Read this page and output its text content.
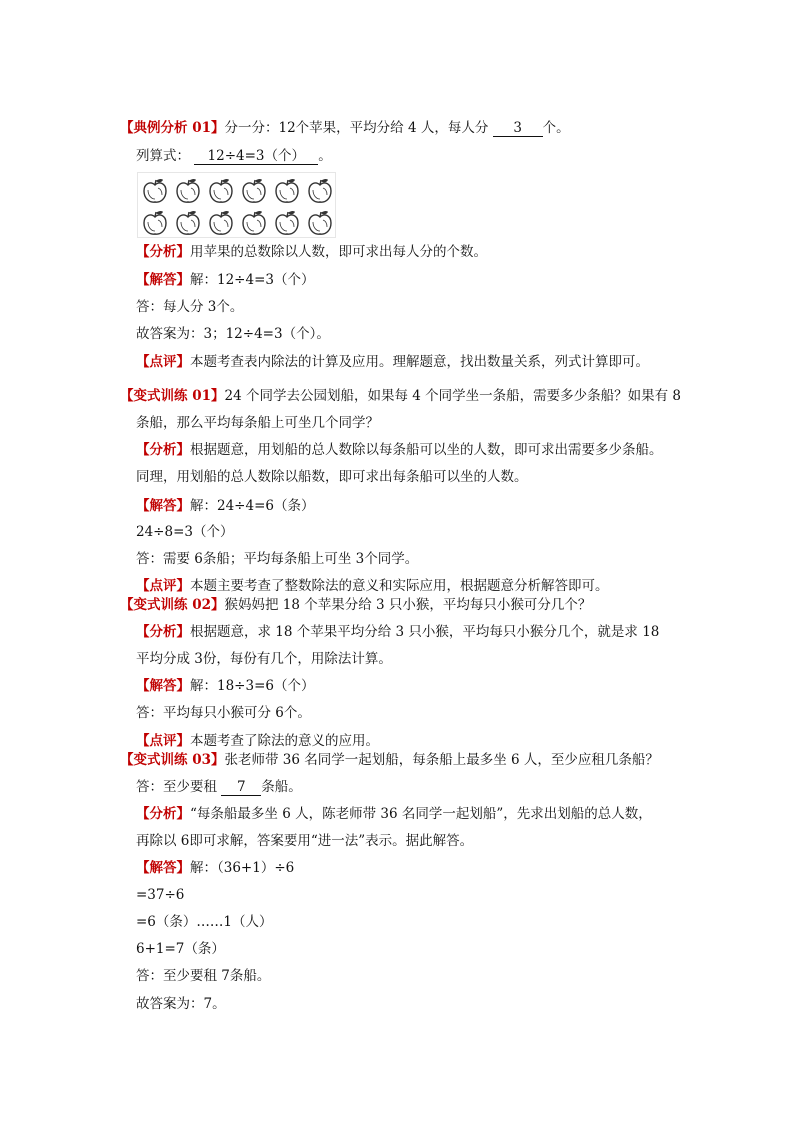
【典例分析 01】分一分：12个苹果，平均分给 4 人，每人分 3 个。
列算式： 12÷4=3（个） 。
【分析】用苹果的总数除以人数，即可求出每人分的个数。
【解答】解：12÷4=3（个）
答：每人分 3个。
故答案为：3；12÷4=3（个）。
【点评】本题考查表内除法的计算及应用。理解题意，找出数量关系，列式计算即可。
【变式训练 01】24 个同学去公园划船，如果每 4 个同学坐一条船，需要多少条船？如果有 8
条船，那么平均每条船上可坐几个同学？
【分析】根据题意，用划船的总人数除以每条船可以坐的人数，即可求出需要多少条船。
同理，用划船的总人数除以船数，即可求出每条船可以坐的人数。
【解答】解：24÷4=6（条）
24÷8=3（个）
答：需要 6条船；平均每条船上可坐 3个同学。
【点评】本题主要考查了整数除法的意义和实际应用，根据题意分析解答即可。
【变式训练 02】猴妈妈把 18 个苹果分给 3 只小猴，平均每只小猴可分几个？
【分析】根据题意，求 18 个苹果平均分给 3 只小猴，平均每只小猴分几个，就是求 18
平均分成 3份，每份有几个，用除法计算。
【解答】解：18÷3=6（个）
答：平均每只小猴可分 6个。
【点评】本题考查了除法的意义的应用。
【变式训练 03】张老师带 36 名同学一起划船，每条船上最多坐 6 人，至少应租几条船？
答：至少要租 7 条船。
【分析】“每条船最多坐 6 人，陈老师带 36 名同学一起划船”，先求出划船的总人数，
再除以 6即可求解，答案要用“进一法”表示。据此解答。
【解答】解：（36+1）÷6
=37÷6
=6（条）……1（人）
6+1=7（条）
答：至少要租 7条船。
故答案为：7。
